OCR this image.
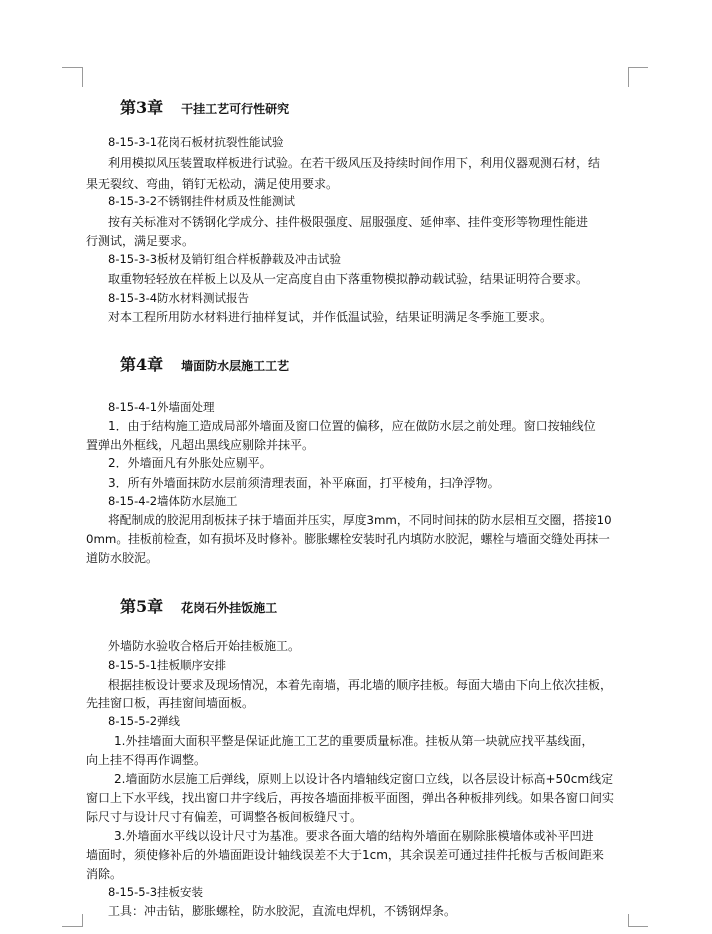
第3章 干挂工艺可行性研究
8-15-3-1花岗石板材抗裂性能试验
利用模拟风压装置取样板进行试验。在若干级风压及持续时间作用下，利用仪器观测石材，结
果无裂纹、弯曲，销钉无松动，满足使用要求。
8-15-3-2不锈钢挂件材质及性能测试
按有关标准对不锈钢化学成分、挂件极限强度、屈服强度、延伸率、挂件变形等物理性能进
行测试，满足要求。
8-15-3-3板材及销钉组合样板静载及冲击试验
取重物轻轻放在样板上以及从一定高度自由下落重物模拟静动载试验，结果证明符合要求。
8-15-3-4防水材料测试报告
对本工程所用防水材料进行抽样复试，并作低温试验，结果证明满足冬季施工要求。
第4章 墙面防水层施工工艺
8-15-4-1外墙面处理
1．由于结构施工造成局部外墙面及窗口位置的偏移，应在做防水层之前处理。窗口按轴线位
置弹出外框线，凡超出黑线应剔除并抹平。
2．外墙面凡有外胀处应剔平。
3．所有外墙面抹防水层前须清理表面，补平麻面，打平棱角，扫净浮物。
8-15-4-2墙体防水层施工
将配制成的胶泥用刮板抹子抹于墙面并压实，厚度3mm，不同时间抹的防水层相互交圈，搭接10
0mm。挂板前检查，如有损坏及时修补。膨胀螺栓安装时孔内填防水胶泥，螺栓与墙面交缝处再抹一
道防水胶泥。
第5章 花岗石外挂饭施工
外墙防水验收合格后开始挂板施工。
8-15-5-1挂板顺序安排
根据挂板设计要求及现场情况，本着先南墙，再北墙的顺序挂板。每面大墙由下向上依次挂板，
先挂窗口板，再挂窗间墙面板。
8-15-5-2弹线
1.外挂墙面大面积平整是保证此施工工艺的重要质量标准。挂板从第一块就应找平基线面，
向上挂不得再作调整。
2.墙面防水层施工后弹线，原则上以设计各内墙轴线定窗口立线，以各层设计标高+50cm线定
窗口上下水平线，找出窗口井字线后，再按各墙面排板平面图，弹出各种板排列线。如果各窗口间实
际尺寸与设计尺寸有偏差，可调整各板间板缝尺寸。
3.外墙面水平线以设计尺寸为基准。要求各面大墙的结构外墙面在剔除胀模墙体或补平凹进
墙面时，须使修补后的外墙面距设计轴线误差不大于1cm，其余误差可通过挂件托板与舌板间距来
消除。
8-15-5-3挂板安装
工具：冲击钻，膨胀螺栓，防水胶泥，直流电焊机，不锈钢焊条。
